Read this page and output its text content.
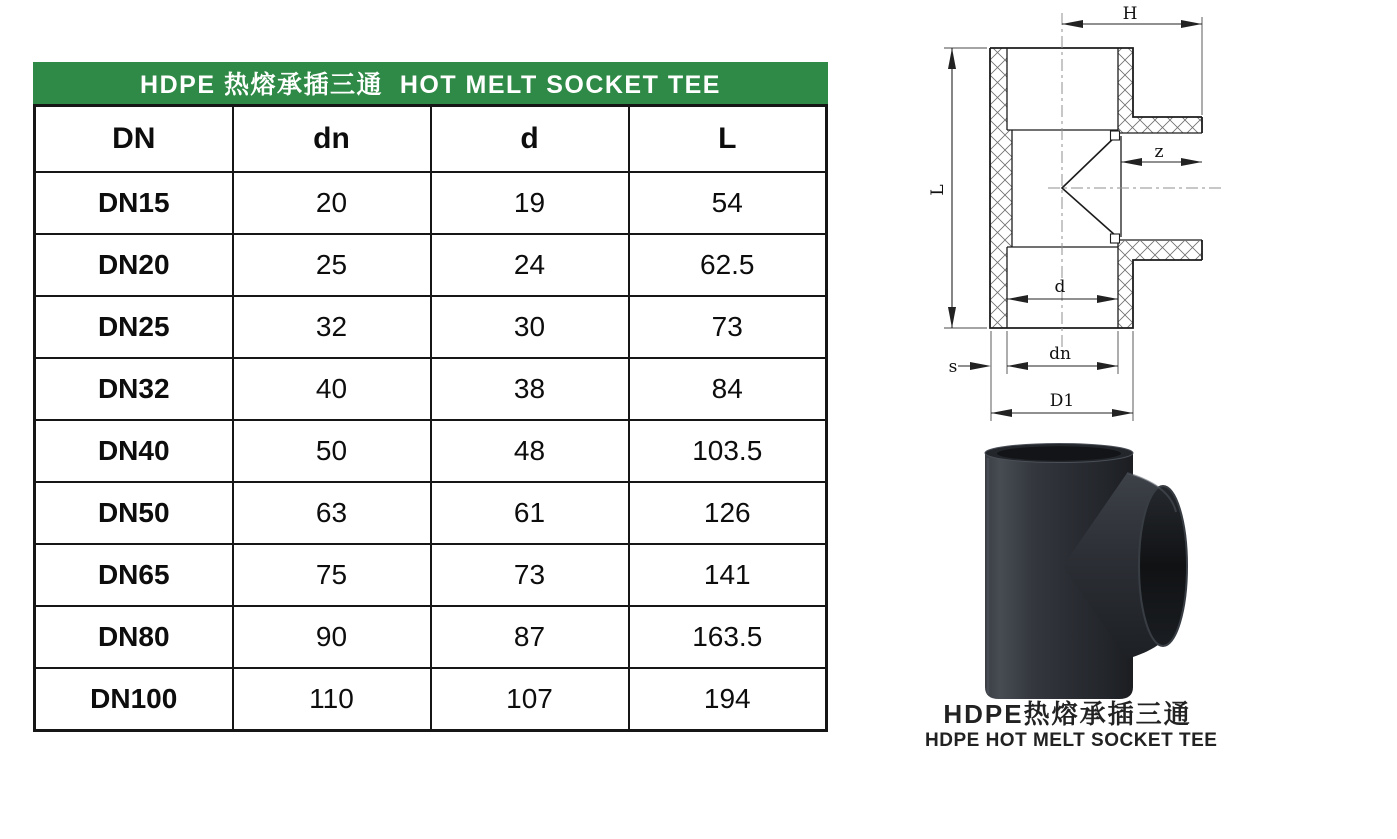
HDPE 热熔承插三通  HOT MELT SOCKET TEE
DN	dn	d	L
DN15	20	19	54
DN20	25	24	62.5
DN25	32	30	73
DN32	40	38	84
DN40	50	48	103.5
DN50	63	61	126
DN65	75	73	141
DN80	90	87	163.5
DN100	110	107	194
H
L
z
d
dn
s
D1
HDPE热熔承插三通
HDPE HOT MELT SOCKET TEE
